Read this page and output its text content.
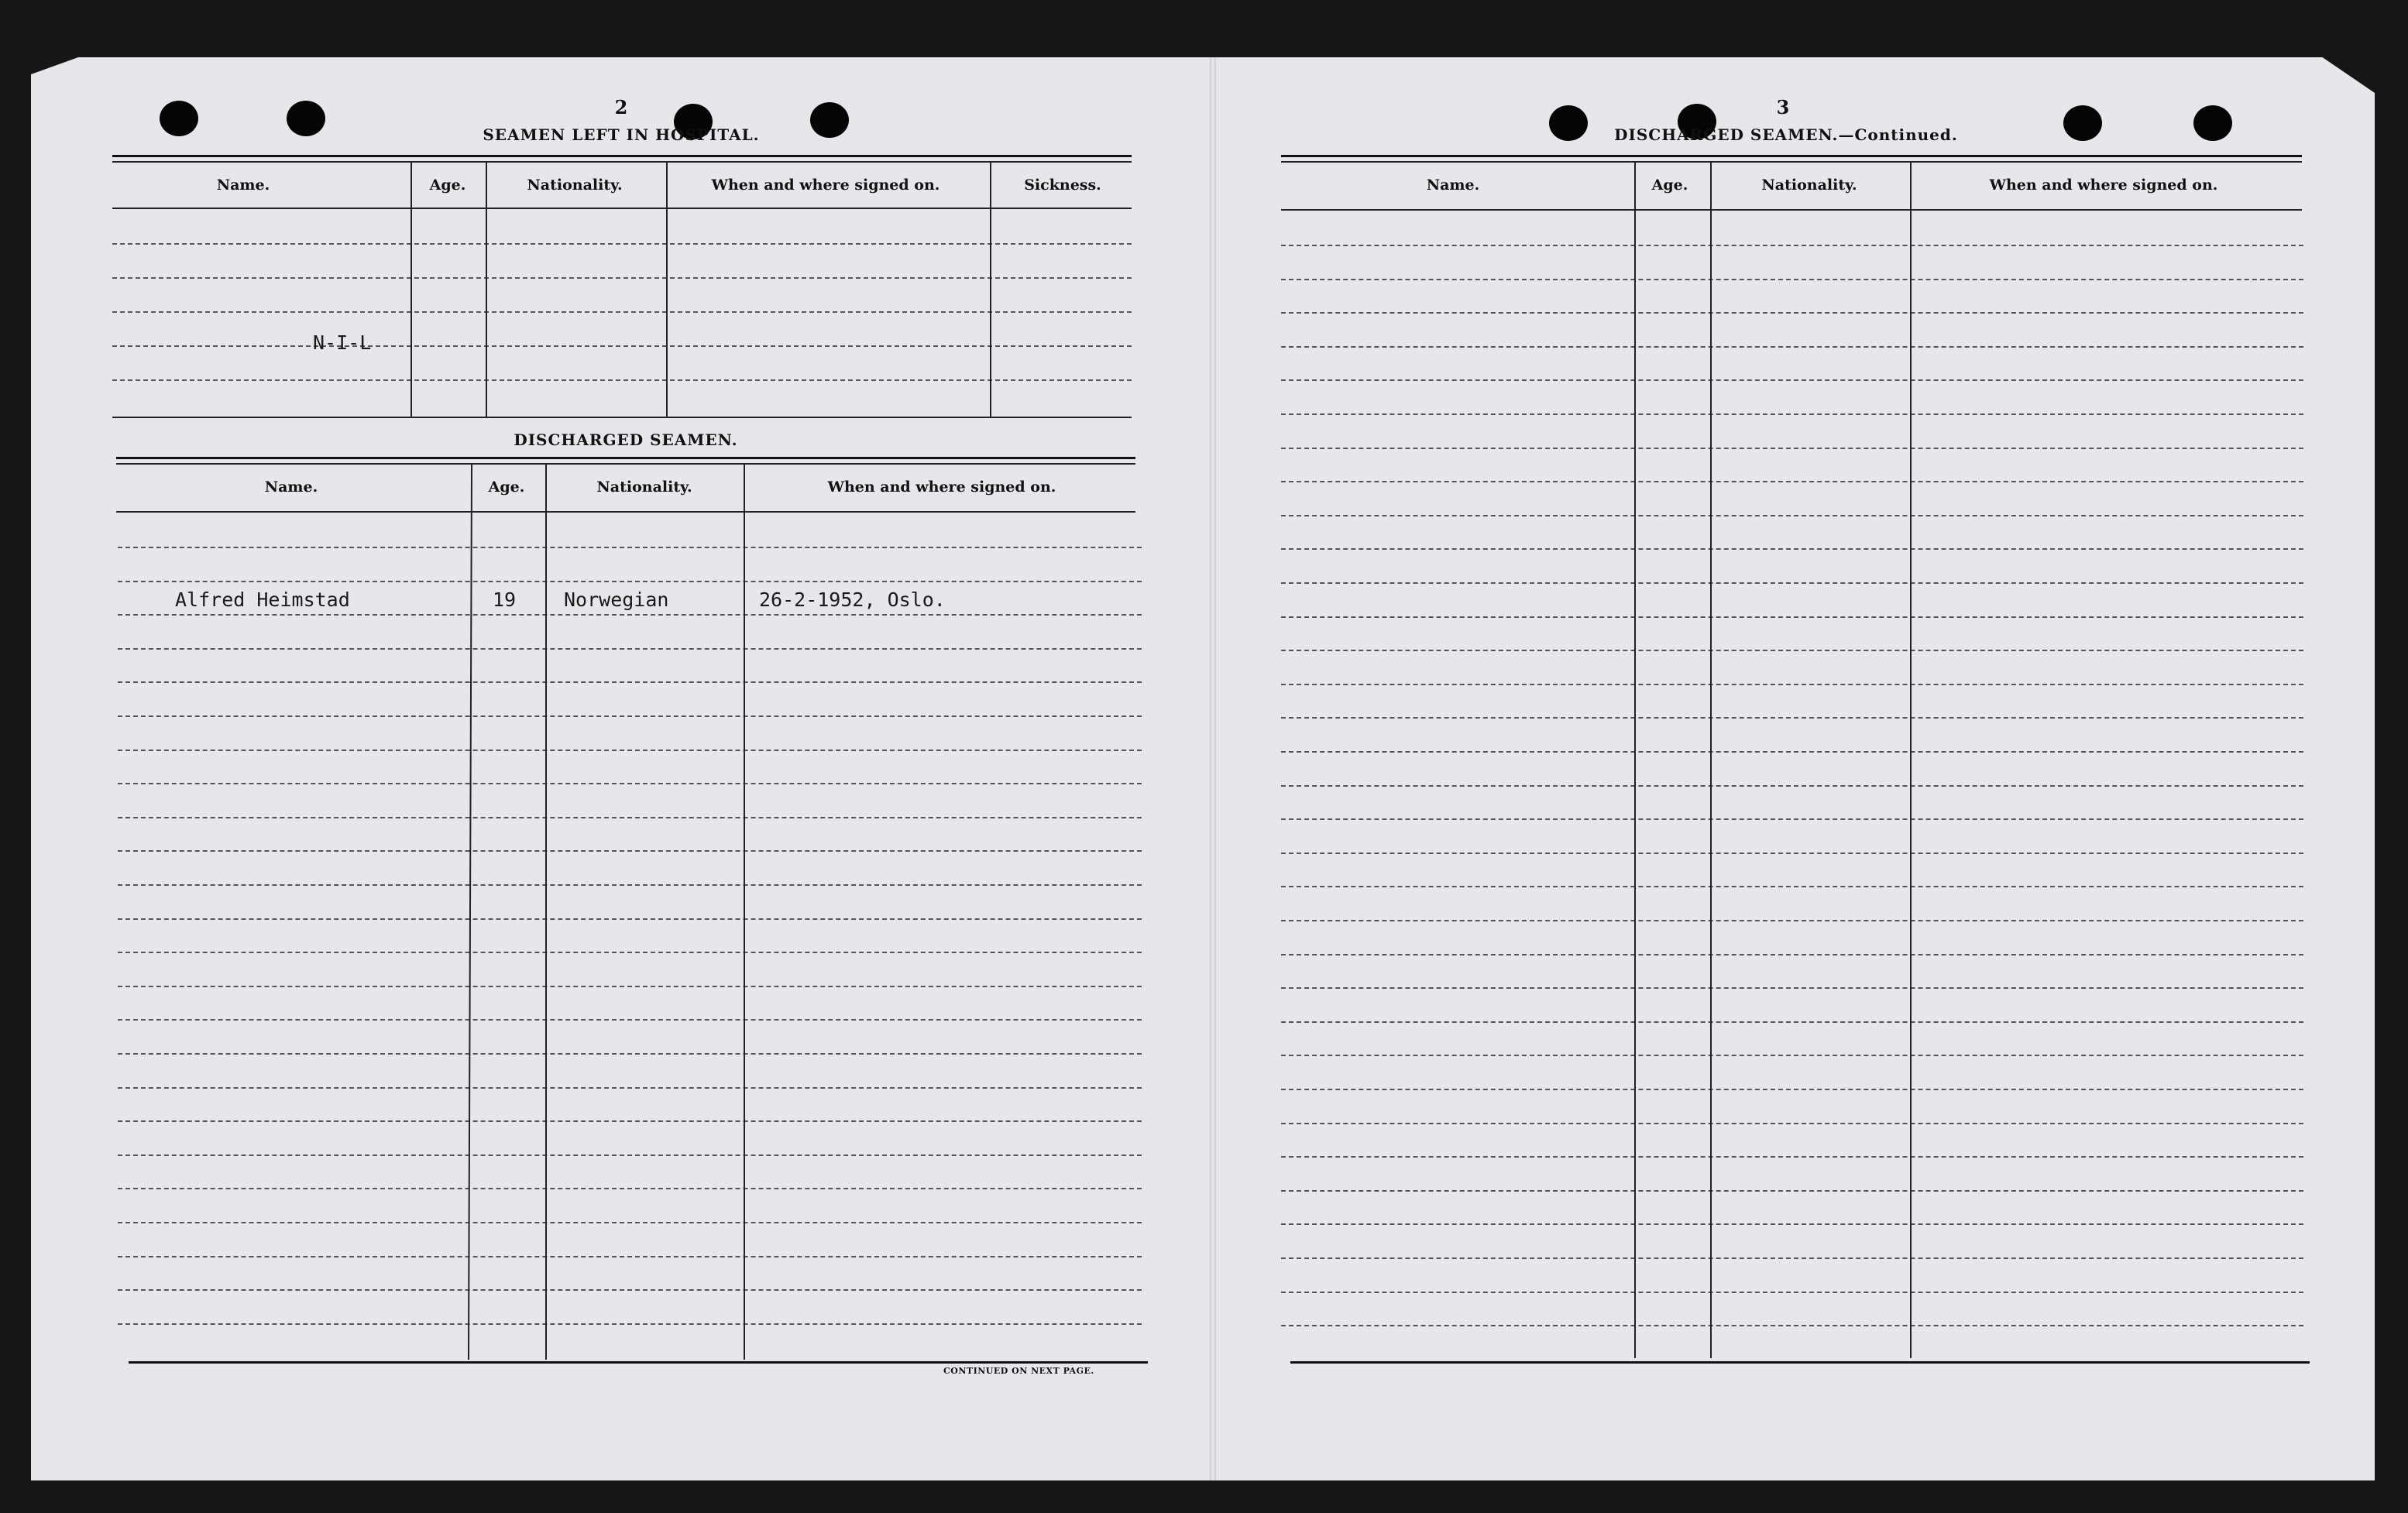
2
SEAMEN LEFT IN HOSPITAL.
Name.	Age.	Nationality.	When and where signed on.	Sickness.
N-I-L
DISCHARGED SEAMEN.
Name.	Age.	Nationality.	When and where signed on.
Alfred Heimstad	19 Norwegian	26-2-1952, Oslo.
CONTINUED ON NEXT PAGE.
3
DISCHARGED SEAMEN.—Continued.
Name.	Age.	Nationality.	When and where signed on.
